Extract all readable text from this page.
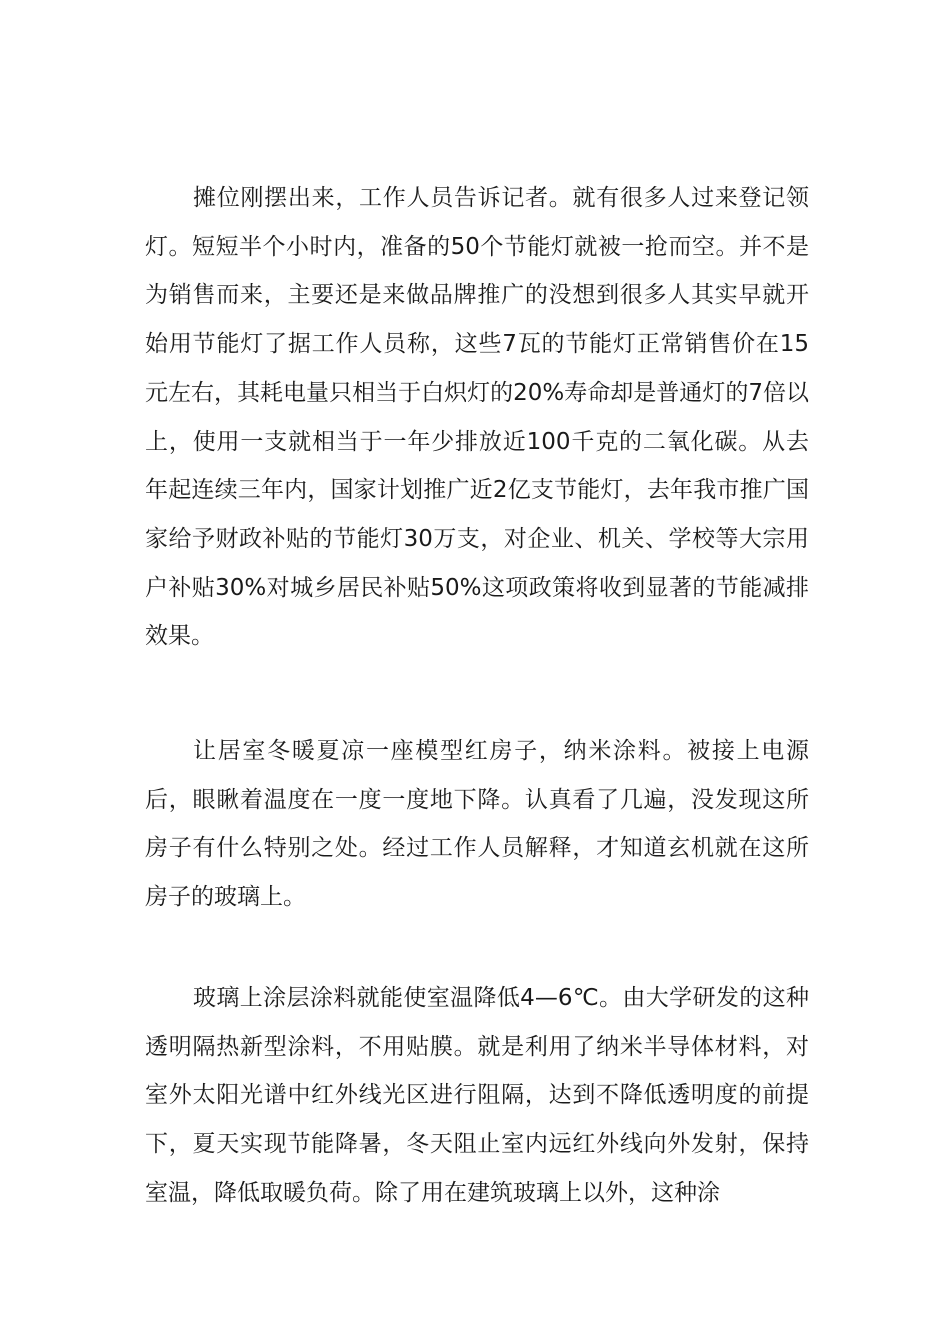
摊位刚摆出来，工作人员告诉记者。就有很多人过来登记领灯。短短半个小时内，准备的50个节能灯就被一抢而空。并不是为销售而来，主要还是来做品牌推广的没想到很多人其实早就开始用节能灯了据工作人员称，这些7瓦的节能灯正常销售价在15元左右，其耗电量只相当于白炽灯的20%寿命却是普通灯的7倍以上，使用一支就相当于一年少排放近100千克的二氧化碳。从去年起连续三年内，国家计划推广近2亿支节能灯，去年我市推广国家给予财政补贴的节能灯30万支，对企业、机关、学校等大宗用户补贴30%对城乡居民补贴50%这项政策将收到显著的节能减排效果。

让居室冬暖夏凉一座模型红房子，纳米涂料。被接上电源后，眼瞅着温度在一度一度地下降。认真看了几遍，没发现这所房子有什么特别之处。经过工作人员解释，才知道玄机就在这所房子的玻璃上。

玻璃上涂层涂料就能使室温降低4—6℃。由大学研发的这种透明隔热新型涂料，不用贴膜。就是利用了纳米半导体材料，对室外太阳光谱中红外线光区进行阻隔，达到不降低透明度的前提下，夏天实现节能降暑，冬天阻止室内远红外线向外发射，保持室温，降低取暖负荷。除了用在建筑玻璃上以外，这种涂
